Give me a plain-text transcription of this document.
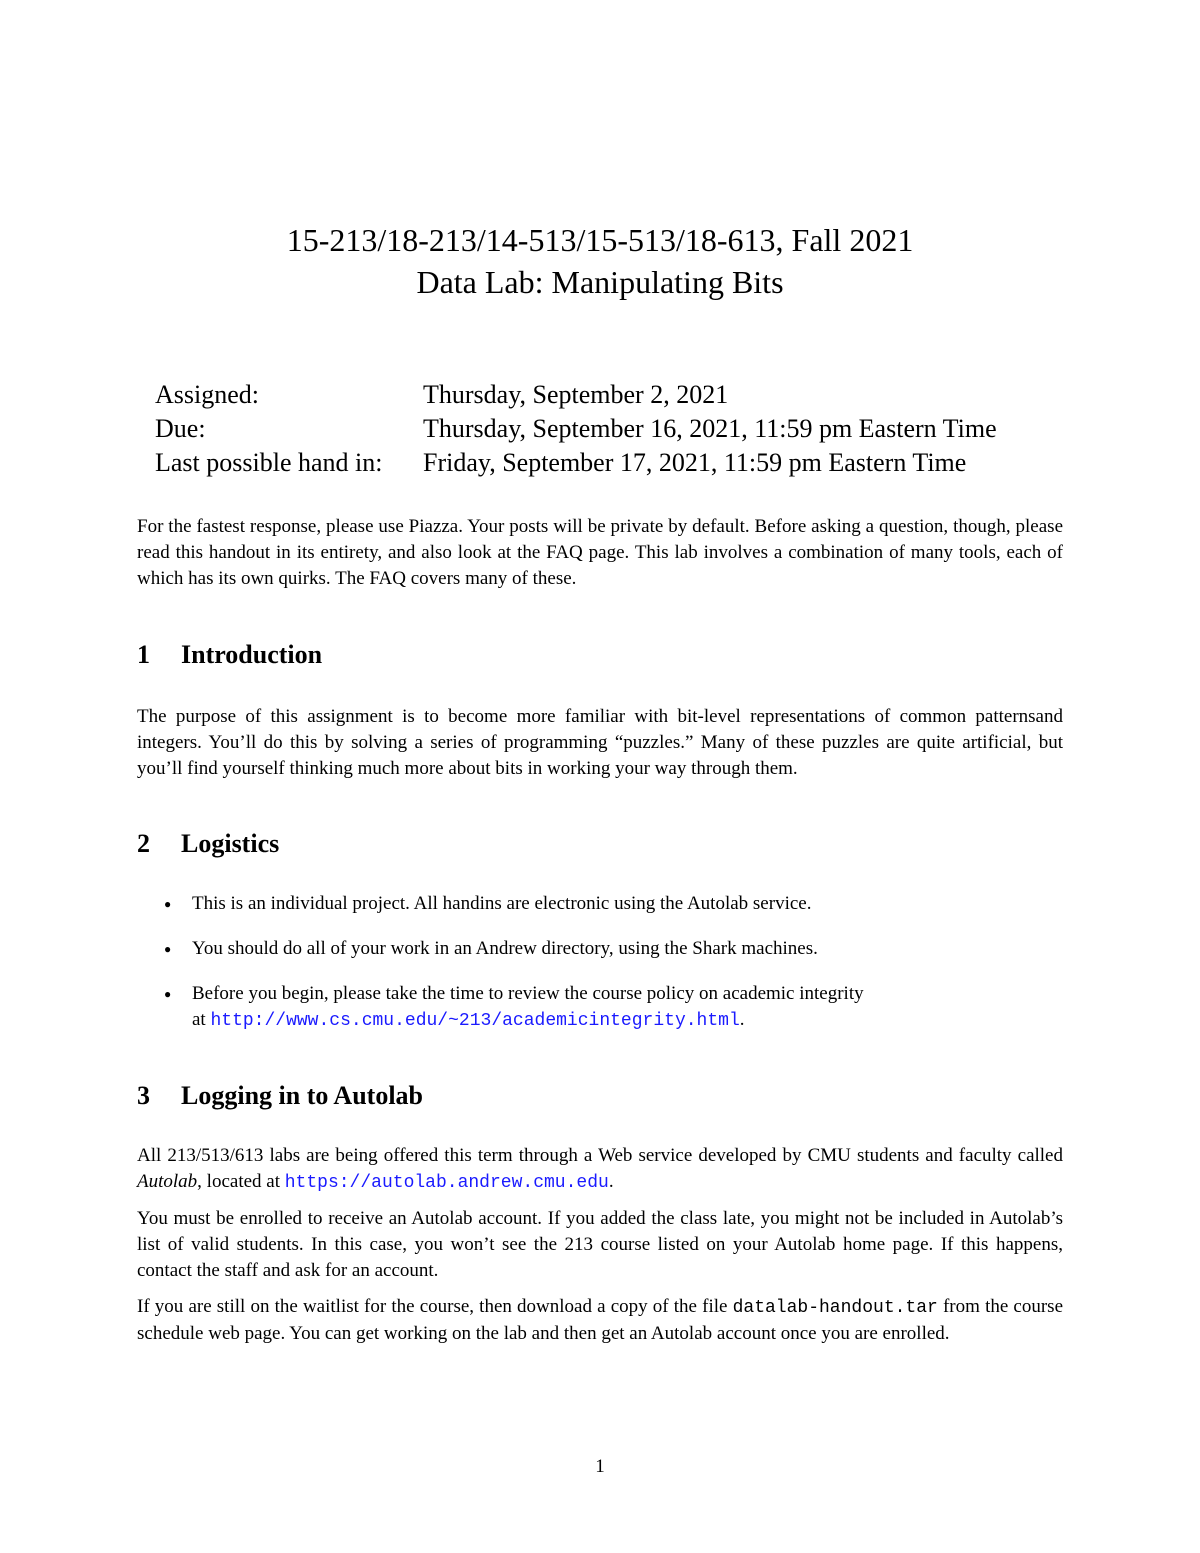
15-213/18-213/14-513/15-513/18-613, Fall 2021
Data Lab: Manipulating Bits
Assigned:	Thursday, September 2, 2021
Due:	Thursday, September 16, 2021, 11:59 pm Eastern Time
Last possible hand in: Friday, September 17, 2021, 11:59 pm Eastern Time

For the fastest response, please use Piazza. Your posts will be private by default. Before asking a question, though, please read this handout in its entirety, and also look at the FAQ page. This lab involves a combination of many tools, each of which has its own quirks. The FAQ covers many of these.

1 Introduction

The purpose of this assignment is to become more familiar with bit-level representations of common patternsand integers. You’ll do this by solving a series of programming “puzzles.” Many of these puzzles are quite artificial, but you’ll find yourself thinking much more about bits in working your way through them.

2 Logistics
● This is an individual project. All handins are electronic using the Autolab service.
● You should do all of your work in an Andrew directory, using the Shark machines.
● Before you begin, please take the time to review the course policy on academic integrity
at http://www.cs.cmu.edu/~213/academicintegrity.html.
3 Logging in to Autolab

All 213/513/613 labs are being offered this term through a Web service developed by CMU students and faculty called Autolab, located at https://autolab.andrew.cmu.edu.

You must be enrolled to receive an Autolab account. If you added the class late, you might not be included in Autolab’s list of valid students. In this case, you won’t see the 213 course listed on your Autolab home page. If this happens, contact the staff and ask for an account.

If you are still on the waitlist for the course, then download a copy of the file datalab-handout.tar from the course schedule web page. You can get working on the lab and then get an Autolab account once you are enrolled.

1
